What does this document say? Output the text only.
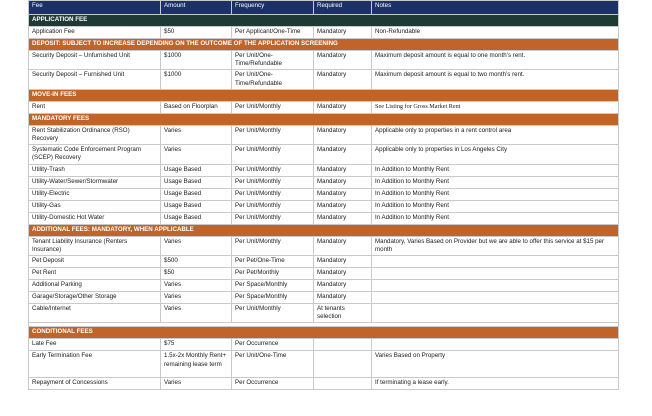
Fee	Amount	Frequency	Required	Notes
APPLICATION FEE				
Application Fee	$50	Per Applicant/One-Time	Mandatory	Non-Refundable
DEPOSIT: SUBJECT TO INCREASE DEPENDING ON THE OUTCOME OF THE APPLICATION SCREENING				
Security Deposit – Unfurnished Unit	$1000	Per Unit/One-Time/Refundable	Mandatory	Maximum deposit amount is equal to one month’s rent.
Security Deposit – Furnished Unit	$1000	Per Unit/One-Time/Refundable	Mandatory	Maximum deposit amount is equal to two month’s rent.
MOVE-IN FEES				
Rent	Based on Floorplan	Per Unit/Monthly	Mandatory	See Listing for Gross Market Rent
MANDATORY FEES				
Rent Stabilization Ordinance (RSO) Recovery	Varies	Per Unit/Monthly	Mandatory	Applicable only to properties in a rent control area
Systematic Code Enforcement Program (SCEP) Recovery	Varies	Per Unit/Monthly	Mandatory	Applicable only to properties in Los Angeles City
Utility-Trash	Usage Based	Per Unit/Monthly	Mandatory	In Addition to Monthly Rent
Utility-Water/Sewer/Stormwater	Usage Based	Per Unit/Monthly	Mandatory	In Addition to Monthly Rent
Utility-Electric	Usage Based	Per Unit/Monthly	Mandatory	In Addition to Monthly Rent
Utility-Gas	Usage Based	Per Unit/Monthly	Mandatory	In Addition to Monthly Rent
Utility-Domestic Hot Water	Usage Based	Per Unit/Monthly	Mandatory	In Addition to Monthly Rent
ADDITIONAL FEES: MANDATORY, WHEN APPLICABLE				
Tenant Liability Insurance (Renters Insurance)	Varies	Per Unit/Monthly	Mandatory	Mandatory, Varies Based on Provider but we are able to offer this service at $15 per month
Pet Deposit	$500	Per Pet/One-Time	Mandatory	
Pet Rent	$50	Per Pet/Monthly	Mandatory	
Additional Parking	Varies	Per Space/Monthly	Mandatory	
Garage/Storage/Other Storage	Varies	Per Space/Monthly	Mandatory	
Cable/Internet	Varies	Per Unit/Monthly	At tenants selection	

CONDITIONAL FEES				
Late Fee	$75	Per Occurrence		
Early Termination Fee	1.5x-2x Monthly Rent+ remaining lease term	Per Unit/One-Time		Varies Based on Property
Repayment of Concessions	Varies	Per Occurrence		If terminating a lease early.
